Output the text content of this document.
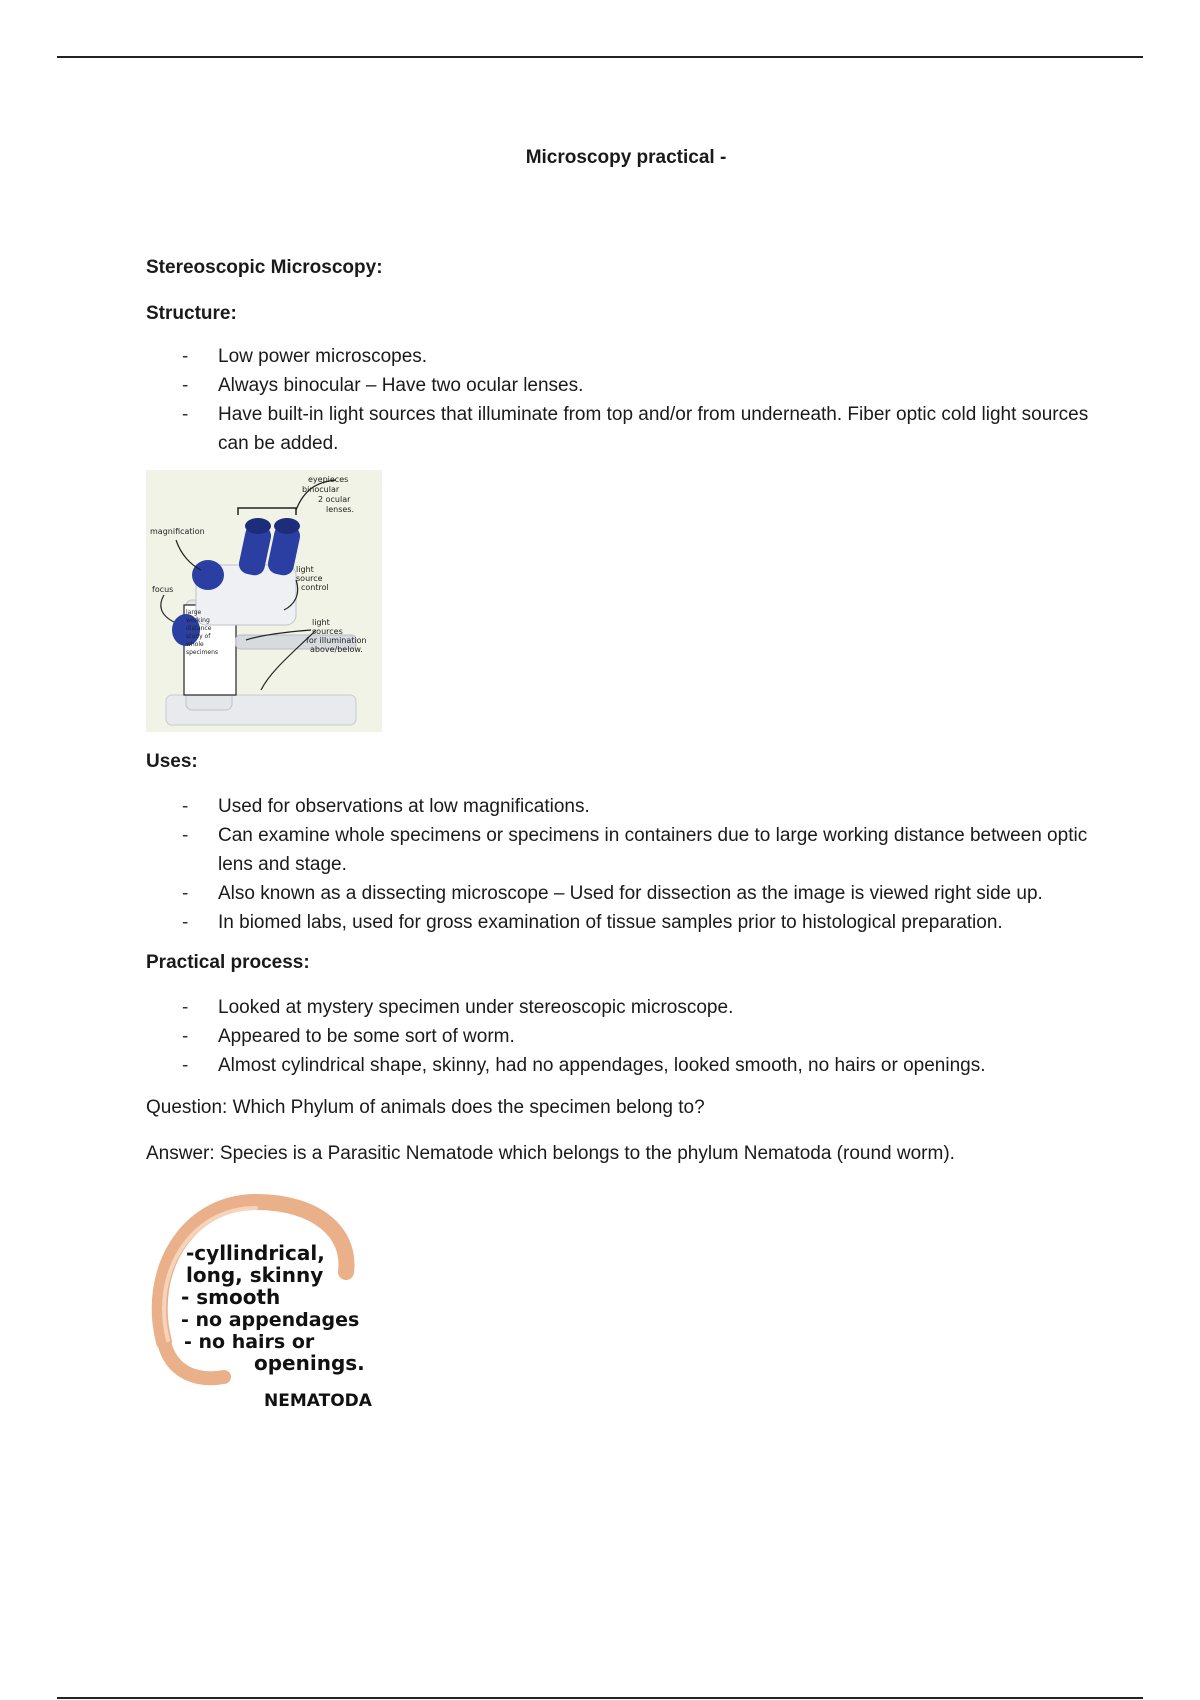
Microscopy practical -
Stereoscopic Microscopy:
Structure:
- Low power microscopes.
- Always binocular – Have two ocular lenses.
- Have built-in light sources that illuminate from top and/or from underneath. Fiber optic cold light sources can be added.
eyepieces
binocular
2 ocular
lenses.
magnification
focus
light
source
control
light
sources
for illumination
above/below.
large
working
distance
study of
whole
specimens
Uses:
- Used for observations at low magnifications.
- Can examine whole specimens or specimens in containers due to large working distance between optic lens and stage.
- Also known as a dissecting microscope – Used for dissection as the image is viewed right side up.
- In biomed labs, used for gross examination of tissue samples prior to histological preparation.
Practical process:
- Looked at mystery specimen under stereoscopic microscope.
- Appeared to be some sort of worm.
- Almost cylindrical shape, skinny, had no appendages, looked smooth, no hairs or openings.
Question: Which Phylum of animals does the specimen belong to?
Answer: Species is a Parasitic Nematode which belongs to the phylum Nematoda (round worm).
-cyllindrical,
long, skinny
- smooth
- no appendages
- no hairs or
openings.
NEMATODA
